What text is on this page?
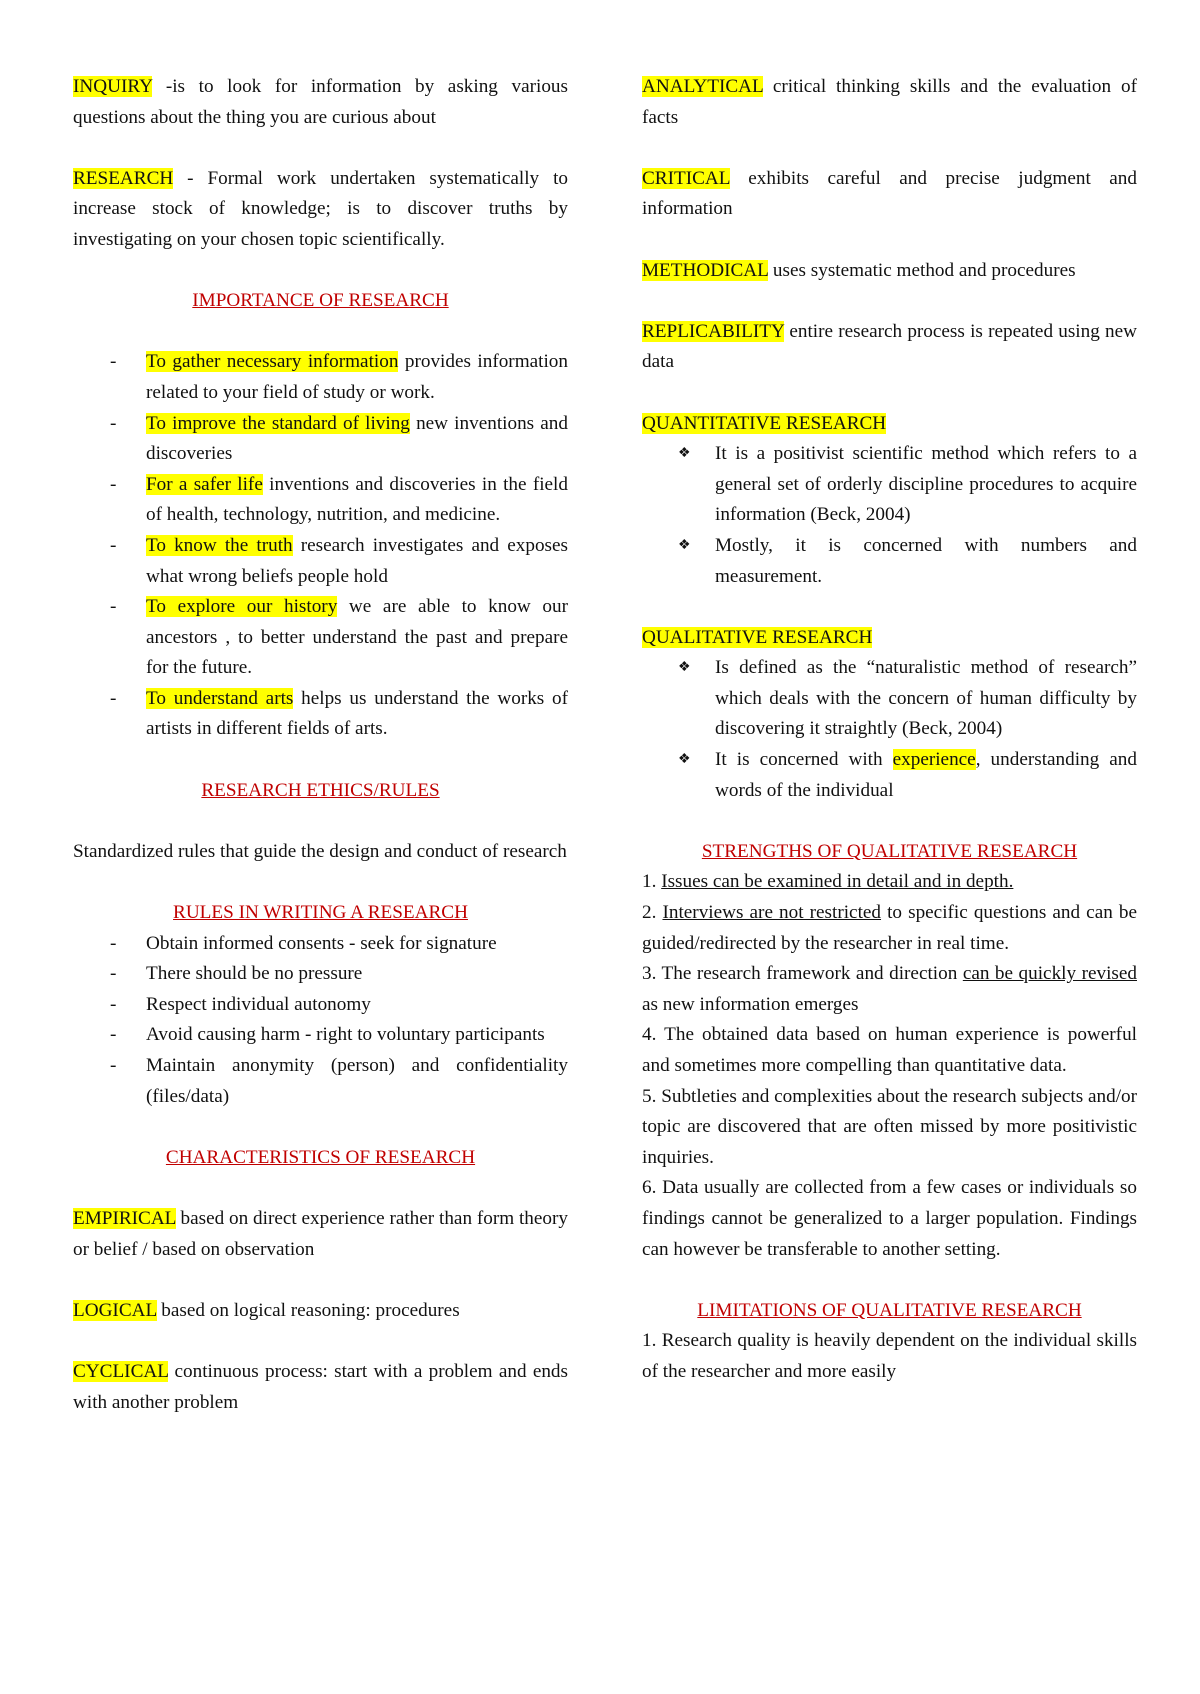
INQUIRY -is to look for information by asking various questions about the thing you are curious about

RESEARCH - Formal work undertaken systematically to increase stock of knowledge; is to discover truths by investigating on your chosen topic scientifically.

IMPORTANCE OF RESEARCH

- To gather necessary information provides information related to your field of study or work.
- To improve the standard of living new inventions and discoveries
- For a safer life inventions and discoveries in the field of health, technology, nutrition, and medicine.
- To know the truth research investigates and exposes what wrong beliefs people hold
- To explore our history we are able to know our ancestors , to better understand the past and prepare for the future.
- To understand arts helps us understand the works of artists in different fields of arts.

RESEARCH ETHICS/RULES

Standardized rules that guide the design and conduct of research

RULES IN WRITING A RESEARCH

- Obtain informed consents - seek for signature
- There should be no pressure
- Respect individual autonomy
- Avoid causing harm - right to voluntary participants
- Maintain anonymity (person) and confidentiality (files/data)

CHARACTERISTICS OF RESEARCH

EMPIRICAL based on direct experience rather than form theory or belief / based on observation

LOGICAL based on logical reasoning: procedures

CYCLICAL continuous process: start with a problem and ends with another problem

ANALYTICAL critical thinking skills and the evaluation of facts

CRITICAL exhibits careful and precise judgment and information

METHODICAL uses systematic method and procedures

REPLICABILITY entire research process is repeated using new data

QUANTITATIVE RESEARCH

❖ It is a positivist scientific method which refers to a general set of orderly discipline procedures to acquire information (Beck, 2004)
❖ Mostly, it is concerned with numbers and measurement.

QUALITATIVE RESEARCH

❖ Is defined as the “naturalistic method of research” which deals with the concern of human difficulty by discovering it straightly (Beck, 2004)
❖ It is concerned with experience, understanding and words of the individual

STRENGTHS OF QUALITATIVE RESEARCH

1. Issues can be examined in detail and in depth.

2. Interviews are not restricted to specific questions and can be guided/redirected by the researcher in real time.

3. The research framework and direction can be quickly revised as new information emerges

4. The obtained data based on human experience is powerful and sometimes more compelling than quantitative data.

5. Subtleties and complexities about the research subjects and/or topic are discovered that are often missed by more positivistic inquiries.

6. Data usually are collected from a few cases or individuals so findings cannot be generalized to a larger population. Findings can however be transferable to another setting.

LIMITATIONS OF QUALITATIVE RESEARCH

1. Research quality is heavily dependent on the individual skills of the researcher and more easily
